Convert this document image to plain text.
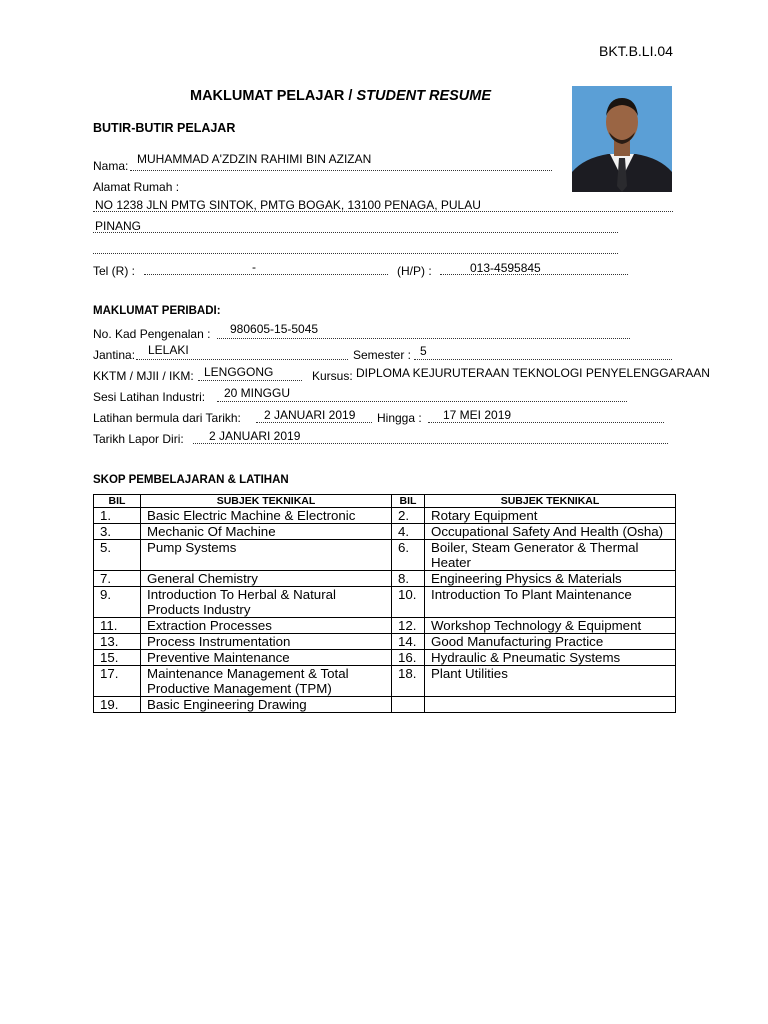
BKT.B.LI.04
MAKLUMAT PELAJAR / STUDENT RESUME
BUTIR-BUTIR PELAJAR
Nama: MUHAMMAD A'ZDZIN RAHIMI BIN AZIZAN
Alamat Rumah :
NO 1238 JLN PMTG SINTOK, PMTG BOGAK, 13100 PENAGA, PULAU
PINANG
Tel (R) :	-	(H/P) :	013-4595845
MAKLUMAT PERIBADI:
No. Kad Pengenalan : 980605-15-5045
Jantina: LELAKI	Semester : 5
KKTM / MJII / IKM: LENGGONG	Kursus: DIPLOMA KEJURUTERAAN TEKNOLOGI PENYELENGGARAAN
Sesi Latihan Industri: 20 MINGGU
Latihan bermula dari Tarikh: 2 JANUARI 2019 Hingga : 17 MEI 2019
Tarikh Lapor Diri: 2 JANUARI 2019
SKOP PEMBELAJARAN & LATIHAN
BIL	SUBJEK TEKNIKAL	BIL	SUBJEK TEKNIKAL
1.	Basic Electric Machine & Electronic	2.	Rotary Equipment
3.	Mechanic Of Machine	4.	Occupational Safety And Health (Osha)
5.	Pump Systems	6.	Boiler, Steam Generator & Thermal Heater
7.	General Chemistry	8.	Engineering Physics & Materials
9.	Introduction To Herbal & Natural Products Industry	10.	Introduction To Plant Maintenance
11.	Extraction Processes	12.	Workshop Technology & Equipment
13.	Process Instrumentation	14.	Good Manufacturing Practice
15.	Preventive Maintenance	16.	Hydraulic & Pneumatic Systems
17.	Maintenance Management & Total Productive Management (TPM)	18.	Plant Utilities
19.	Basic Engineering Drawing		
